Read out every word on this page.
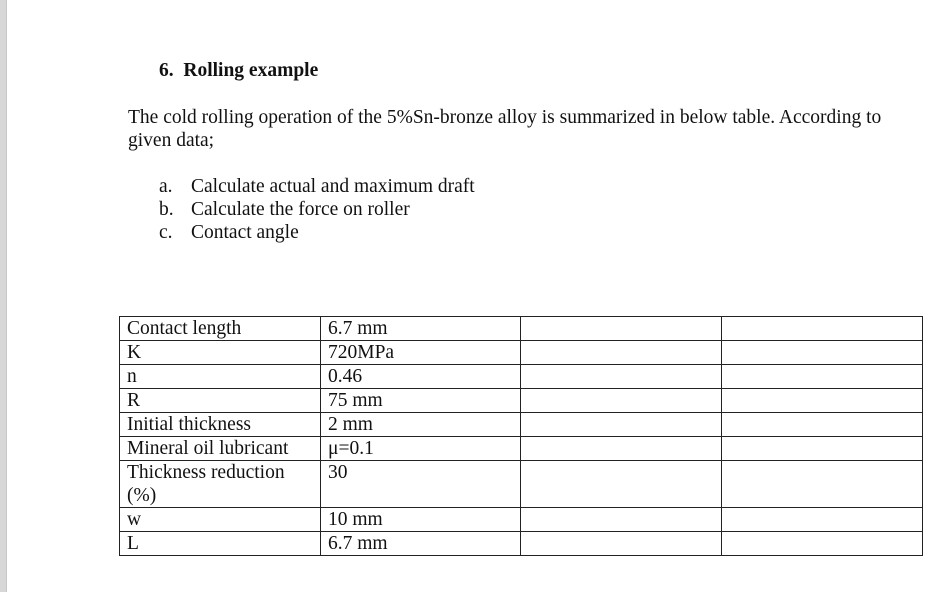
6. Rolling example
The cold rolling operation of the 5%Sn-bronze alloy is summarized in below table. According to
given data;
a. Calculate actual and maximum draft
b. Calculate the force on roller
c. Contact angle
Contact length	6.7 mm		
K	720MPa		
n	0.46		
R	75 mm		
Initial thickness	2 mm		
Mineral oil lubricant	μ=0.1		

Thickness reduction
(%)	30		
w	10 mm		
L	6.7 mm		
